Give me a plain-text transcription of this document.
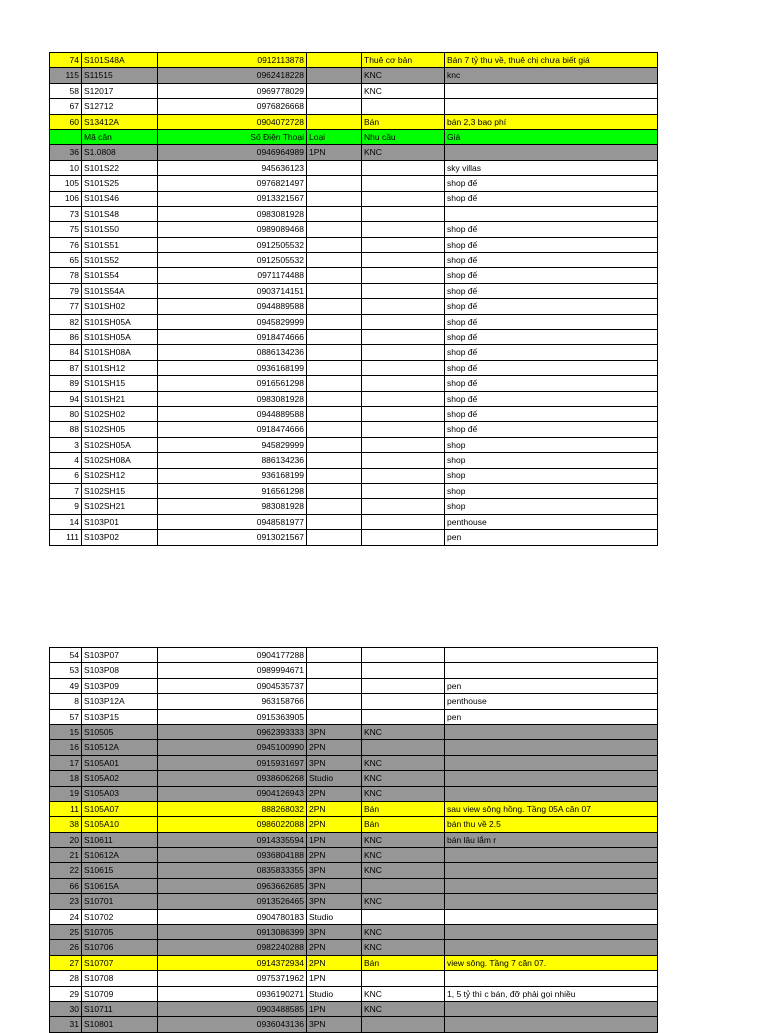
74	S101S48A	0912113878		Thuê cơ bản	Bán 7 tỷ thu về, thuê chị chưa biết giá
115	S11515	0962418228		KNC	knc
58	S12017	0969778029		KNC	
67	S12712	0976826668			
60	S13412A	0904072728		Bán	bán 2,3 bao phí
	Mã căn	Số Điện Thoại	Loại	Nhu cầu	Giá
36	S1.0808	0946964989	1PN	KNC	
10	S101S22	945636123			sky villas
105	S101S25	0976821497			shop đế
106	S101S46	0913321567			shop đế
73	S101S48	0983081928			
75	S101S50	0989089468			shop đế
76	S101S51	0912505532			shop đế
65	S101S52	0912505532			shop đế
78	S101S54	0971174488			shop đế
79	S101S54A	0903714151			shop đế
77	S101SH02	0944889588			shop đế
82	S101SH05A	0945829999			shop đế
86	S101SH05A	0918474666			shop đế
84	S101SH08A	0886134236			shop đế
87	S101SH12	0936168199			shop đế
89	S101SH15	0916561298			shop đế
94	S101SH21	0983081928			shop đế
80	S102SH02	0944889588			shop đế
88	S102SH05	0918474666			shop đế
3	S102SH05A	945829999			shop
4	S102SH08A	886134236			shop
6	S102SH12	936168199			shop
7	S102SH15	916561298			shop
9	S102SH21	983081928			shop
14	S103P01	0948581977			penthouse
111	S103P02	0913021567			pen
54	S103P07	0904177288			
53	S103P08	0989994671			
49	S103P09	0904535737			pen
8	S103P12A	963158766			penthouse
57	S103P15	0915363905			pen
15	S10505	0962393333	3PN	KNC	
16	S10512A	0945100990	2PN		
17	S105A01	0915931697	3PN	KNC	
18	S105A02	0938606268	Studio	KNC	
19	S105A03	0904126943	2PN	KNC	
11	S105A07	888268032	2PN	Bán	sau view sông hồng. Tầng 05A căn 07
38	S105A10	0986022088	2PN	Bán	bán thu về 2.5
20	S10611	0914335594	1PN	KNC	bán lâu lắm r
21	S10612A	0936804188	2PN	KNC	
22	S10615	0835833355	3PN	KNC	
66	S10615A	0963662685	3PN		
23	S10701	0913526465	3PN	KNC	
24	S10702	0904780183	Studio		
25	S10705	0913086399	3PN	KNC	
26	S10706	0982240288	2PN	KNC	
27	S10707	0914372934	2PN	Bán	view sông. Tầng 7 căn 07.
28	S10708	0975371962	1PN		
29	S10709	0936190271	Studio	KNC	1, 5 tỷ thì c bán, đỡ phải gọi nhiều
30	S10711	0903488585	1PN	KNC	
31	S10801	0936043136	3PN		
